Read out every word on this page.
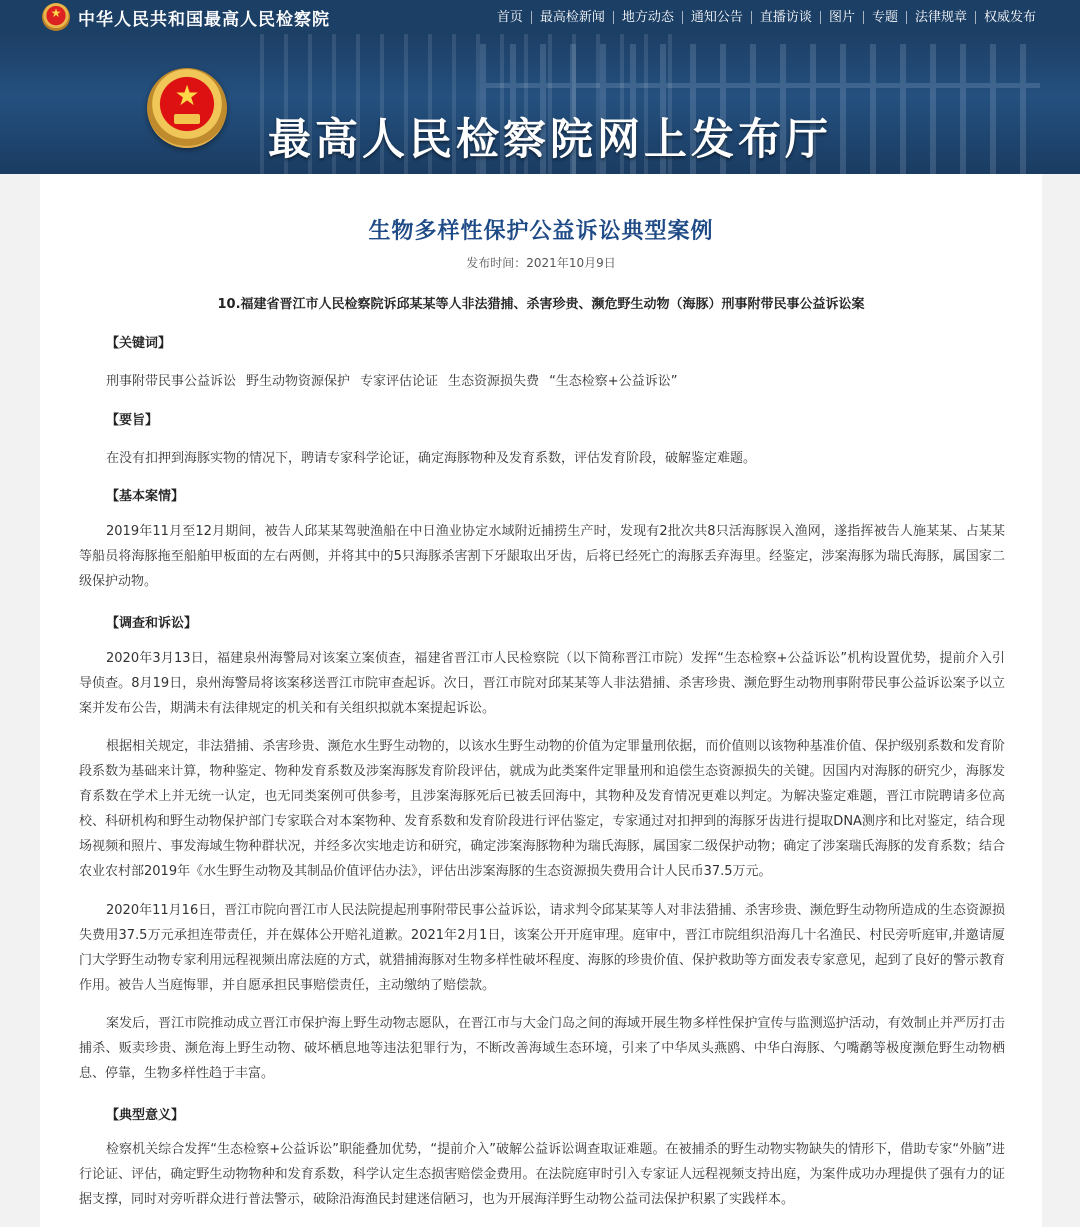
★
中华人民共和国最高人民检察院	首页	最高检新闻	地方动态	通知公告	直播访谈	图片	专题	法律规章	权威发布
★
最高人民检察院网上发布厅
生物多样性保护公益诉讼典型案例
发布时间：2021年10月9日
10.福建省晋江市人民检察院诉邱某某等人非法猎捕、杀害珍贵、濒危野生动物（海豚）刑事附带民事公益诉讼案
【关键词】
刑事附带民事公益诉讼 野生动物资源保护 专家评估论证 生态资源损失费 “生态检察+公益诉讼”
【要旨】
在没有扣押到海豚实物的情况下，聘请专家科学论证，确定海豚物种及发育系数，评估发育阶段，破解鉴定难题。
【基本案情】
2019年11月至12月期间，被告人邱某某驾驶渔船在中日渔业协定水域附近捕捞生产时，发现有2批次共8只活海豚误入渔网，遂指挥被告人施某某、占某某等船员将海豚拖至船舶甲板面的左右两侧，并将其中的5只海豚杀害割下牙龈取出牙齿，后将已经死亡的海豚丢弃海里。经鉴定，涉案海豚为瑞氏海豚，属国家二级保护动物。
【调查和诉讼】
2020年3月13日，福建泉州海警局对该案立案侦查，福建省晋江市人民检察院（以下简称晋江市院）发挥“生态检察+公益诉讼”机构设置优势，提前介入引导侦查。8月19日，泉州海警局将该案移送晋江市院审查起诉。次日，晋江市院对邱某某等人非法猎捕、杀害珍贵、濒危野生动物刑事附带民事公益诉讼案予以立案并发布公告，期满未有法律规定的机关和有关组织拟就本案提起诉讼。
根据相关规定，非法猎捕、杀害珍贵、濒危水生野生动物的，以该水生野生动物的价值为定罪量刑依据，而价值则以该物种基准价值、保护级别系数和发育阶段系数为基础来计算，物种鉴定、物种发育系数及涉案海豚发育阶段评估，就成为此类案件定罪量刑和追偿生态资源损失的关键。因国内对海豚的研究少，海豚发育系数在学术上并无统一认定，也无同类案例可供参考，且涉案海豚死后已被丢回海中，其物种及发育情况更难以判定。为解决鉴定难题，晋江市院聘请多位高校、科研机构和野生动物保护部门专家联合对本案物种、发育系数和发育阶段进行评估鉴定，专家通过对扣押到的海豚牙齿进行提取DNA测序和比对鉴定，结合现场视频和照片、事发海域生物种群状况，并经多次实地走访和研究，确定涉案海豚物种为瑞氏海豚，属国家二级保护动物；确定了涉案瑞氏海豚的发育系数；结合农业农村部2019年《水生野生动物及其制品价值评估办法》，评估出涉案海豚的生态资源损失费用合计人民币37.5万元。
2020年11月16日，晋江市院向晋江市人民法院提起刑事附带民事公益诉讼，请求判令邱某某等人对非法猎捕、杀害珍贵、濒危野生动物所造成的生态资源损失费用37.5万元承担连带责任，并在媒体公开赔礼道歉。2021年2月1日，该案公开开庭审理。庭审中，晋江市院组织沿海几十名渔民、村民旁听庭审,并邀请厦门大学野生动物专家利用远程视频出席法庭的方式，就猎捕海豚对生物多样性破坏程度、海豚的珍贵价值、保护救助等方面发表专家意见，起到了良好的警示教育作用。被告人当庭悔罪，并自愿承担民事赔偿责任，主动缴纳了赔偿款。
案发后，晋江市院推动成立晋江市保护海上野生动物志愿队，在晋江市与大金门岛之间的海域开展生物多样性保护宣传与监测巡护活动，有效制止并严厉打击捕杀、贩卖珍贵、濒危海上野生动物、破坏栖息地等违法犯罪行为，不断改善海域生态环境，引来了中华凤头燕鸥、中华白海豚、勺嘴鹬等极度濒危野生动物栖息、停靠，生物多样性趋于丰富。
【典型意义】
检察机关综合发挥“生态检察+公益诉讼”职能叠加优势，“提前介入”破解公益诉讼调查取证难题。在被捕杀的野生动物实物缺失的情形下，借助专家“外脑”进行论证、评估，确定野生动物物种和发育系数，科学认定生态损害赔偿金费用。在法院庭审时引入专家证人远程视频支持出庭，为案件成功办理提供了强有力的证据支撑，同时对旁听群众进行普法警示，破除沿海渔民封建迷信陋习，也为开展海洋野生动物公益司法保护积累了实践样本。
